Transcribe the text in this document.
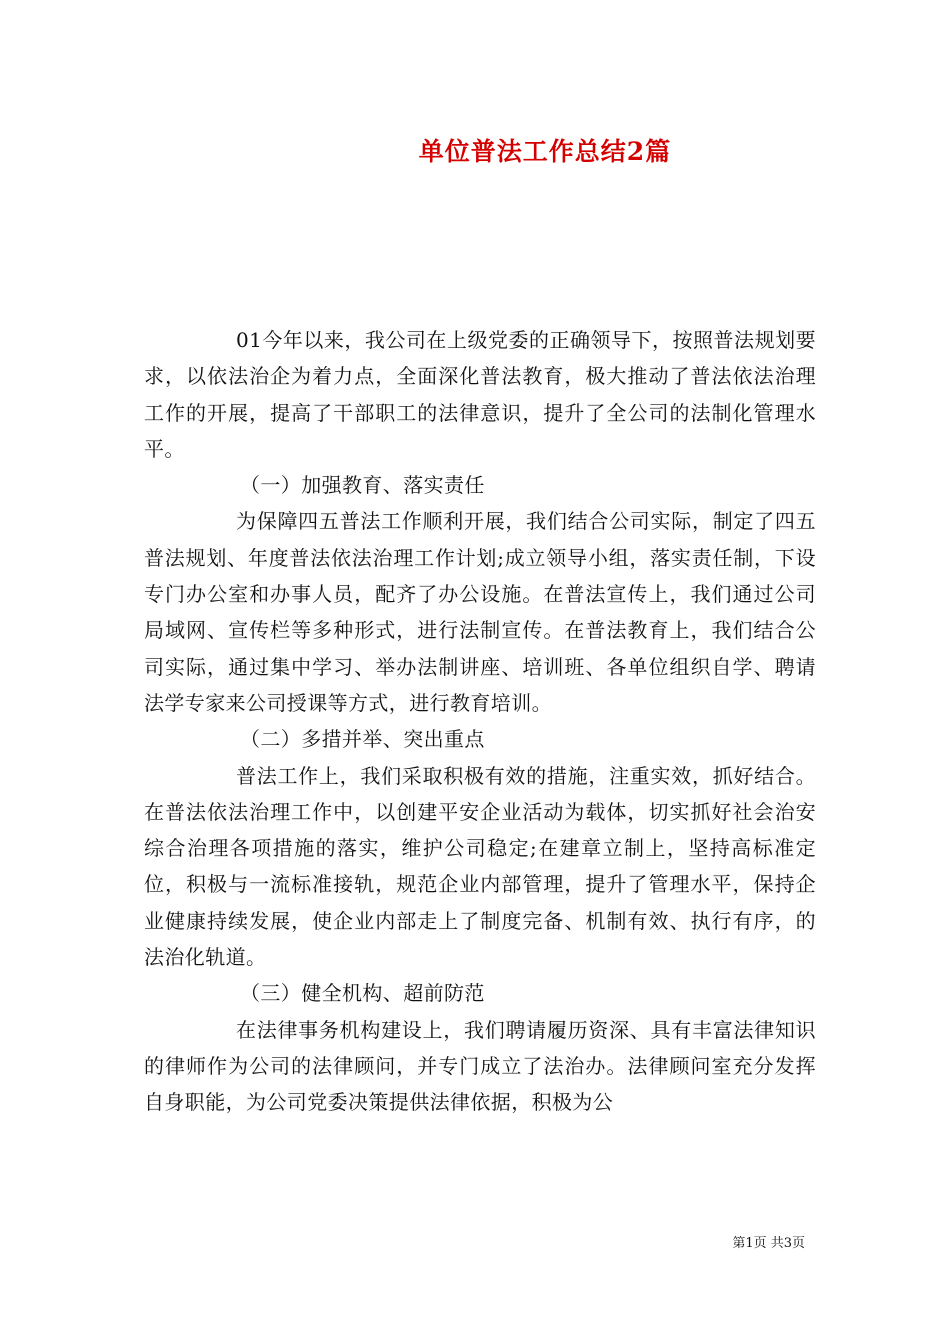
单位普法工作总结2篇

01今年以来，我公司在上级党委的正确领导下，按照普法规划要求，以依法治企为着力点，全面深化普法教育，极大推动了普法依法治理工作的开展，提高了干部职工的法律意识，提升了全公司的法制化管理水平。

（一）加强教育、落实责任

为保障四五普法工作顺利开展，我们结合公司实际，制定了四五普法规划、年度普法依法治理工作计划;成立领导小组，落实责任制，下设专门办公室和办事人员，配齐了办公设施。在普法宣传上，我们通过公司局域网、宣传栏等多种形式，进行法制宣传。在普法教育上，我们结合公司实际，通过集中学习、举办法制讲座、培训班、各单位组织自学、聘请法学专家来公司授课等方式，进行教育培训。

（二）多措并举、突出重点

普法工作上，我们采取积极有效的措施，注重实效，抓好结合。在普法依法治理工作中，以创建平安企业活动为载体，切实抓好社会治安综合治理各项措施的落实，维护公司稳定;在建章立制上，坚持高标准定位，积极与一流标准接轨，规范企业内部管理，提升了管理水平，保持企业健康持续发展，使企业内部走上了制度完备、机制有效、执行有序，的法治化轨道。

（三）健全机构、超前防范

在法律事务机构建设上，我们聘请履历资深、具有丰富法律知识的律师作为公司的法律顾问，并专门成立了法治办。法律顾问室充分发挥自身职能，为公司党委决策提供法律依据，积极为公

第1页 共3页
